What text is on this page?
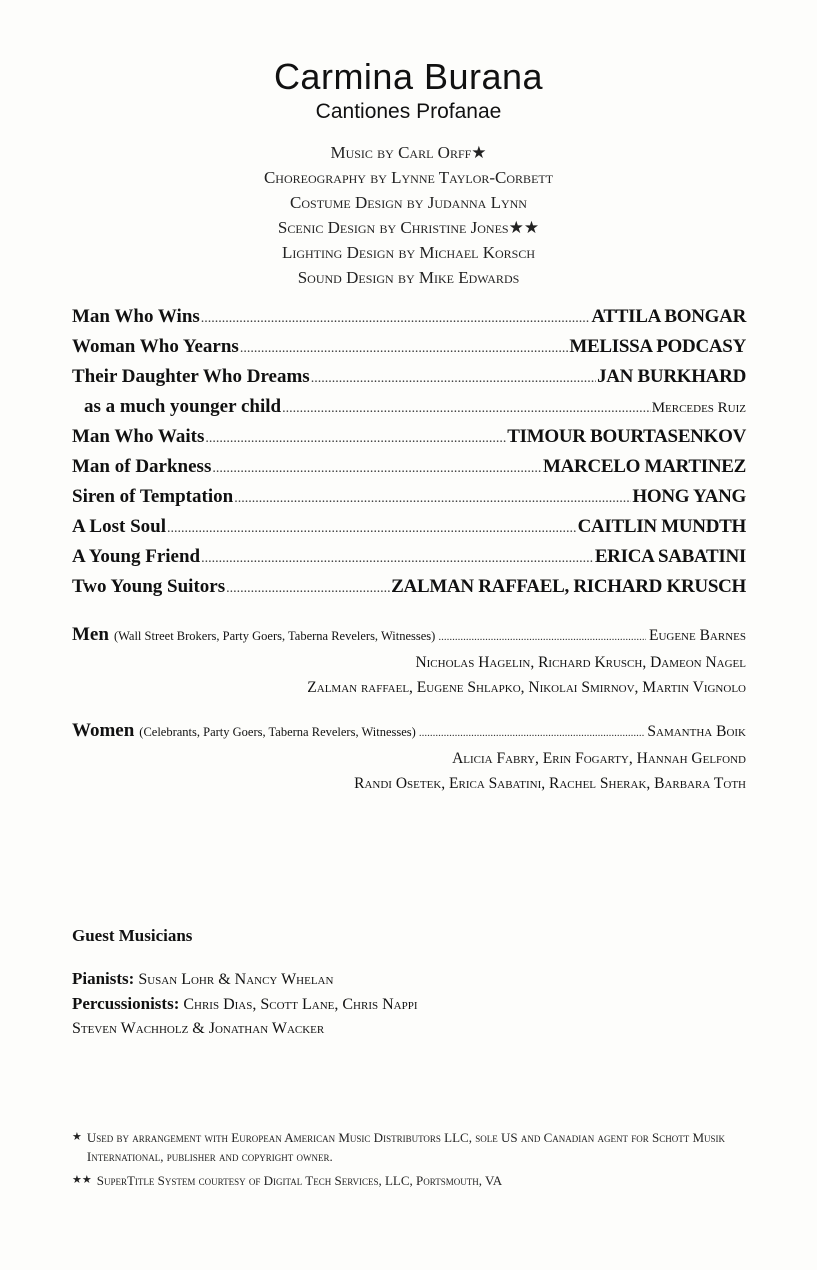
Carmina Burana
Cantiones Profanae
Music by Carl Orff★
Choreography by Lynne Taylor-Corbett
Costume Design by Judanna Lynn
Scenic Design by Christine Jones★★
Lighting Design by Michael Korsch
Sound Design by Mike Edwards
Man Who Wins .....	ATTILA BONGAR
Woman Who Yearns .....	MELISSA PODCASY
Their Daughter Who Dreams .....	JAN BURKHARD
as a much younger child .....	Mercedes Ruiz
Man Who Waits .....	TIMOUR BOURTASENKOV
Man of Darkness .....	MARCELO MARTINEZ
Siren of Temptation .....	HONG YANG
A Lost Soul .....	CAITLIN MUNDTH
A Young Friend .....	ERICA SABATINI
Two Young Suitors .....	ZALMAN RAFFAEL, RICHARD KRUSCH
Men (Wall Street Brokers, Party Goers, Taberna Revelers, Witnesses) .....	Eugene Barnes
Nicholas Hagelin, Richard Krusch, Dameon Nagel
Zalman raffael, Eugene Shlapko, Nikolai Smirnov, Martin Vignolo
Women (Celebrants, Party Goers, Taberna Revelers, Witnesses) .....	Samantha Boik
Alicia Fabry, Erin Fogarty, Hannah Gelfond
Randi Osetek, Erica Sabatini, Rachel Sherak, Barbara Toth
Guest Musicians
Pianists: Susan Lohr & Nancy Whelan
Percussionists: Chris Dias, Scott Lane, Chris Nappi
Steven Wachholz & Jonathan Wacker
★ Used by arrangement with European American Music Distributors LLC, sole US and Canadian agent for Schott Musik International, publisher and copyright owner.
★★ SuperTitle System courtesy of Digital Tech Services, LLC, Portsmouth, VA
